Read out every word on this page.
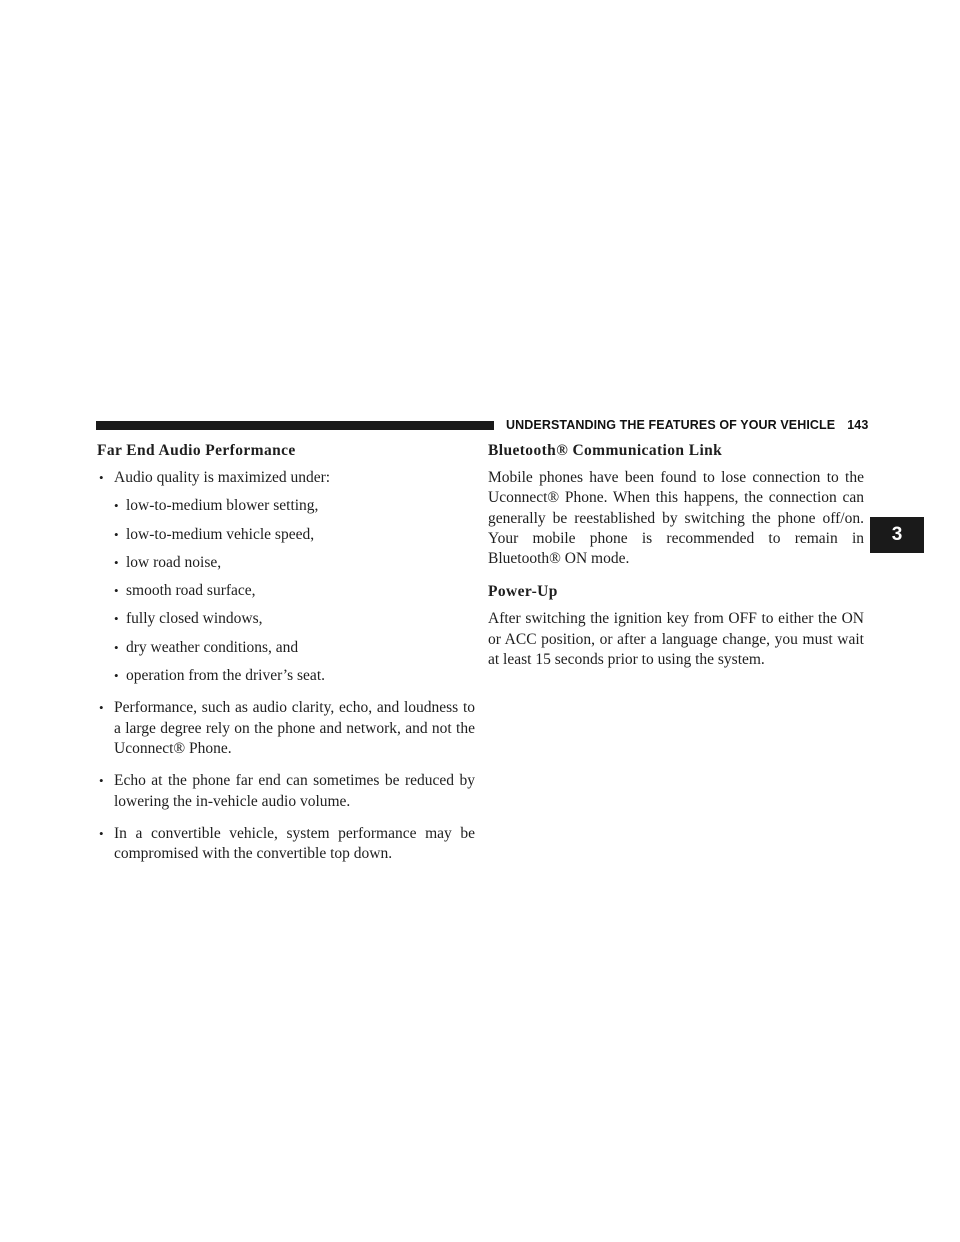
UNDERSTANDING THE FEATURES OF YOUR VEHICLE 143
3
Far End Audio Performance
• Audio quality is maximized under:
• low-to-medium blower setting,
• low-to-medium vehicle speed,
• low road noise,
• smooth road surface,
• fully closed windows,
• dry weather conditions, and
• operation from the driver’s seat.
• Performance, such as audio clarity, echo, and loudness to a large degree rely on the phone and network, and not the Uconnect® Phone.
• Echo at the phone far end can sometimes be reduced by lowering the in-vehicle audio volume.
• In a convertible vehicle, system performance may be compromised with the convertible top down.
Bluetooth® Communication Link

Mobile phones have been found to lose connection to the Uconnect® Phone. When this happens, the connection can generally be reestablished by switching the phone off/on. Your mobile phone is recommended to remain in Bluetooth® ON mode.

Power-Up

After switching the ignition key from OFF to either the ON or ACC position, or after a language change, you must wait at least 15 seconds prior to using the system.
